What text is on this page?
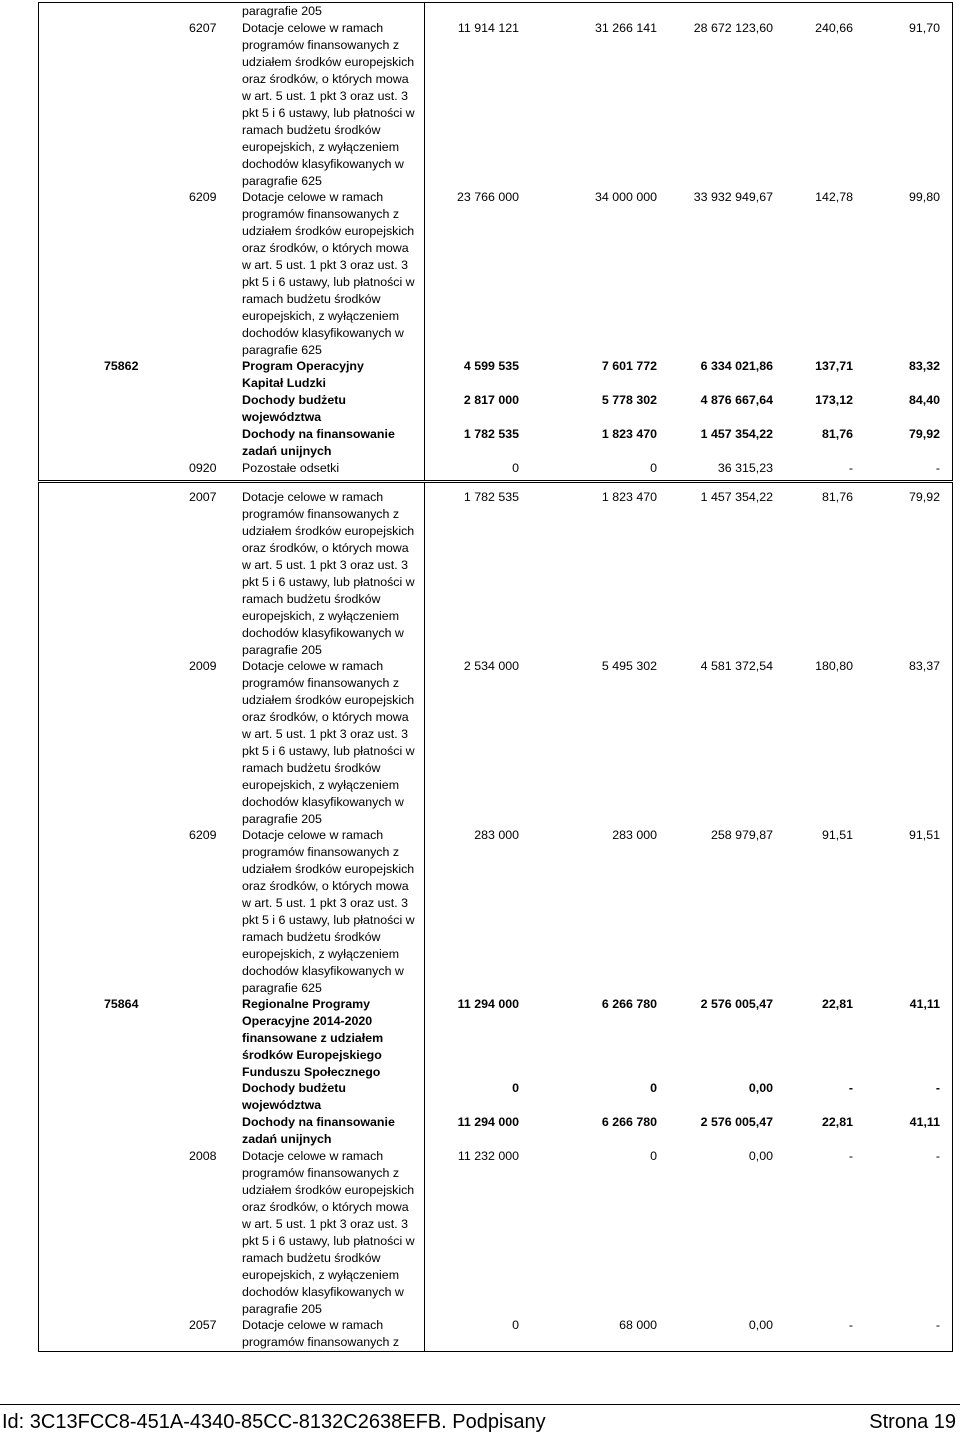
paragrafie 205
6207 Dotacje celowe w ramach programów finansowanych z udziałem środków europejskich oraz środków, o których mowa w art. 5 ust. 1 pkt 3 oraz ust. 3 pkt 5 i 6 ustawy, lub płatności w ramach budżetu środków europejskich, z wyłączeniem dochodów klasyfikowanych w paragrafie 625
11 914 121	31 266 141	28 672 123,60	240,66	91,70
6209 Dotacje celowe w ramach programów finansowanych z udziałem środków europejskich oraz środków, o których mowa w art. 5 ust. 1 pkt 3 oraz ust. 3 pkt 5 i 6 ustawy, lub płatności w ramach budżetu środków europejskich, z wyłączeniem dochodów klasyfikowanych w paragrafie 625
23 766 000	34 000 000	33 932 949,67	142,78	99,80
75862	Program Operacyjny Kapitał Ludzki
4 599 535	7 601 772	6 334 021,86	137,71	83,32
Dochody budżetu województwa
2 817 000	5 778 302	4 876 667,64	173,12	84,40
Dochody na finansowanie zadań unijnych
1 782 535	1 823 470	1 457 354,22	81,76	79,92
0920 Pozostałe odsetki	0	0	36 315,23	-	-
2007 Dotacje celowe w ramach programów finansowanych z udziałem środków europejskich oraz środków, o których mowa w art. 5 ust. 1 pkt 3 oraz ust. 3 pkt 5 i 6 ustawy, lub płatności w ramach budżetu środków europejskich, z wyłączeniem dochodów klasyfikowanych w paragrafie 205
1 782 535	1 823 470	1 457 354,22	81,76	79,92
2009 Dotacje celowe w ramach programów finansowanych z udziałem środków europejskich oraz środków, o których mowa w art. 5 ust. 1 pkt 3 oraz ust. 3 pkt 5 i 6 ustawy, lub płatności w ramach budżetu środków europejskich, z wyłączeniem dochodów klasyfikowanych w paragrafie 205
2 534 000	5 495 302	4 581 372,54	180,80	83,37
6209 Dotacje celowe w ramach programów finansowanych z udziałem środków europejskich oraz środków, o których mowa w art. 5 ust. 1 pkt 3 oraz ust. 3 pkt 5 i 6 ustawy, lub płatności w ramach budżetu środków europejskich, z wyłączeniem dochodów klasyfikowanych w paragrafie 625
283 000	283 000	258 979,87	91,51	91,51
75864	Regionalne Programy Operacyjne 2014-2020 finansowane z udziałem środków Europejskiego Funduszu Społecznego
11 294 000	6 266 780	2 576 005,47	22,81	41,11
Dochody budżetu województwa
0	0	0,00	-	-
Dochody na finansowanie zadań unijnych
11 294 000	6 266 780	2 576 005,47	22,81	41,11
2008 Dotacje celowe w ramach programów finansowanych z udziałem środków europejskich oraz środków, o których mowa w art. 5 ust. 1 pkt 3 oraz ust. 3 pkt 5 i 6 ustawy, lub płatności w ramach budżetu środków europejskich, z wyłączeniem dochodów klasyfikowanych w paragrafie 205
11 232 000	0	0,00	-	-
2057 Dotacje celowe w ramach programów finansowanych z
0	68 000	0,00	-	-
Id: 3C13FCC8-451A-4340-85CC-8132C2638EFB. Podpisany	Strona 19
